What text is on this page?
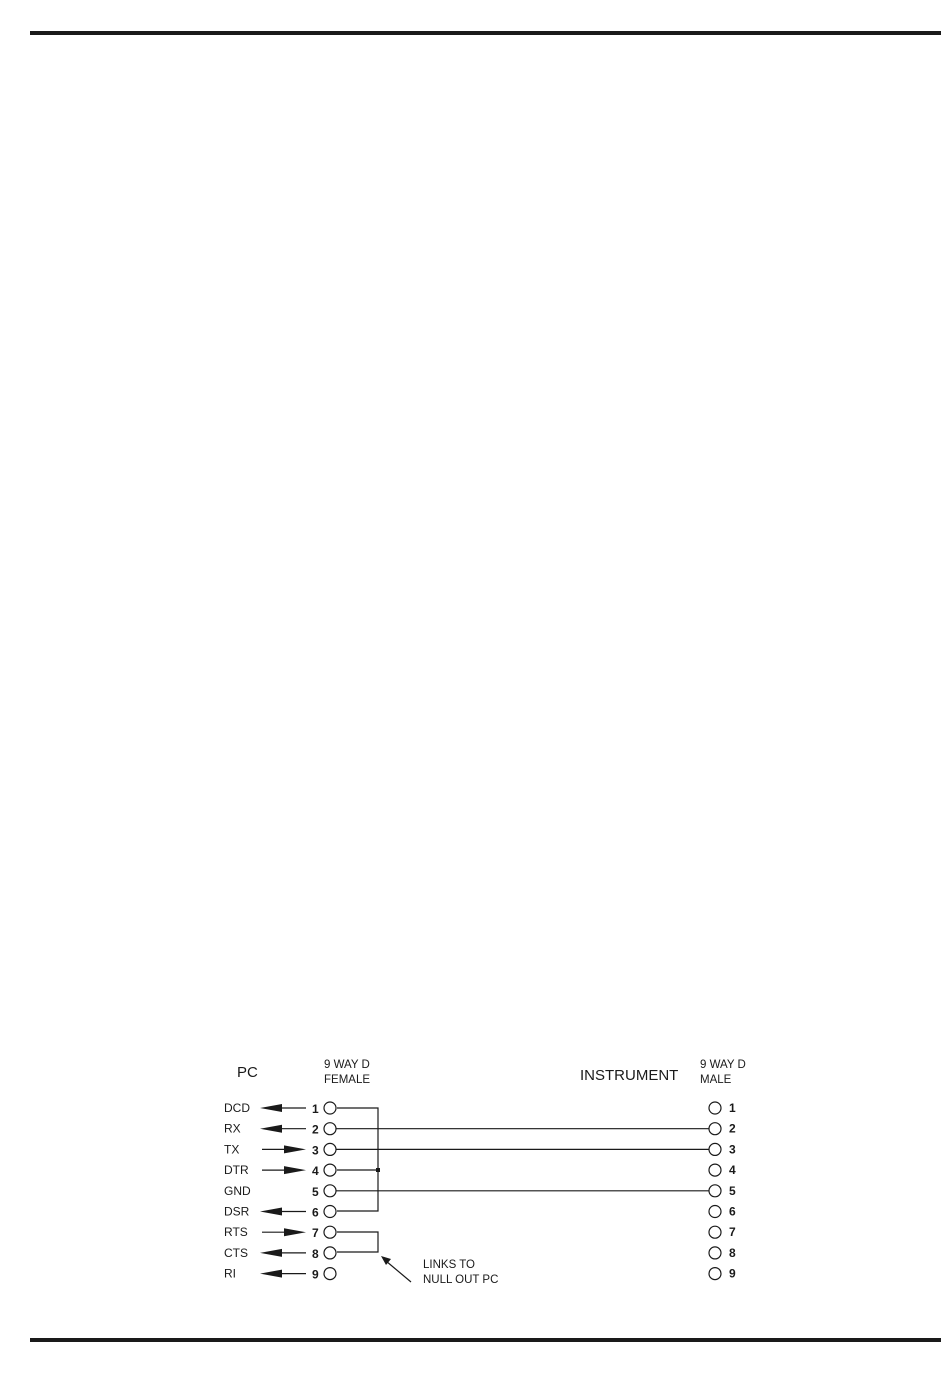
PC	9 WAY D
FEMALE	INSTRUMENT
9 WAY D
MALE
LINKS TO
NULL OUT PC
DCD	1
RX	2
TX	3
DTR	4
GND	5
DSR	6
RTS	7
CTS	8
RI	9
1
2
3
4
5
6
7
8
9
